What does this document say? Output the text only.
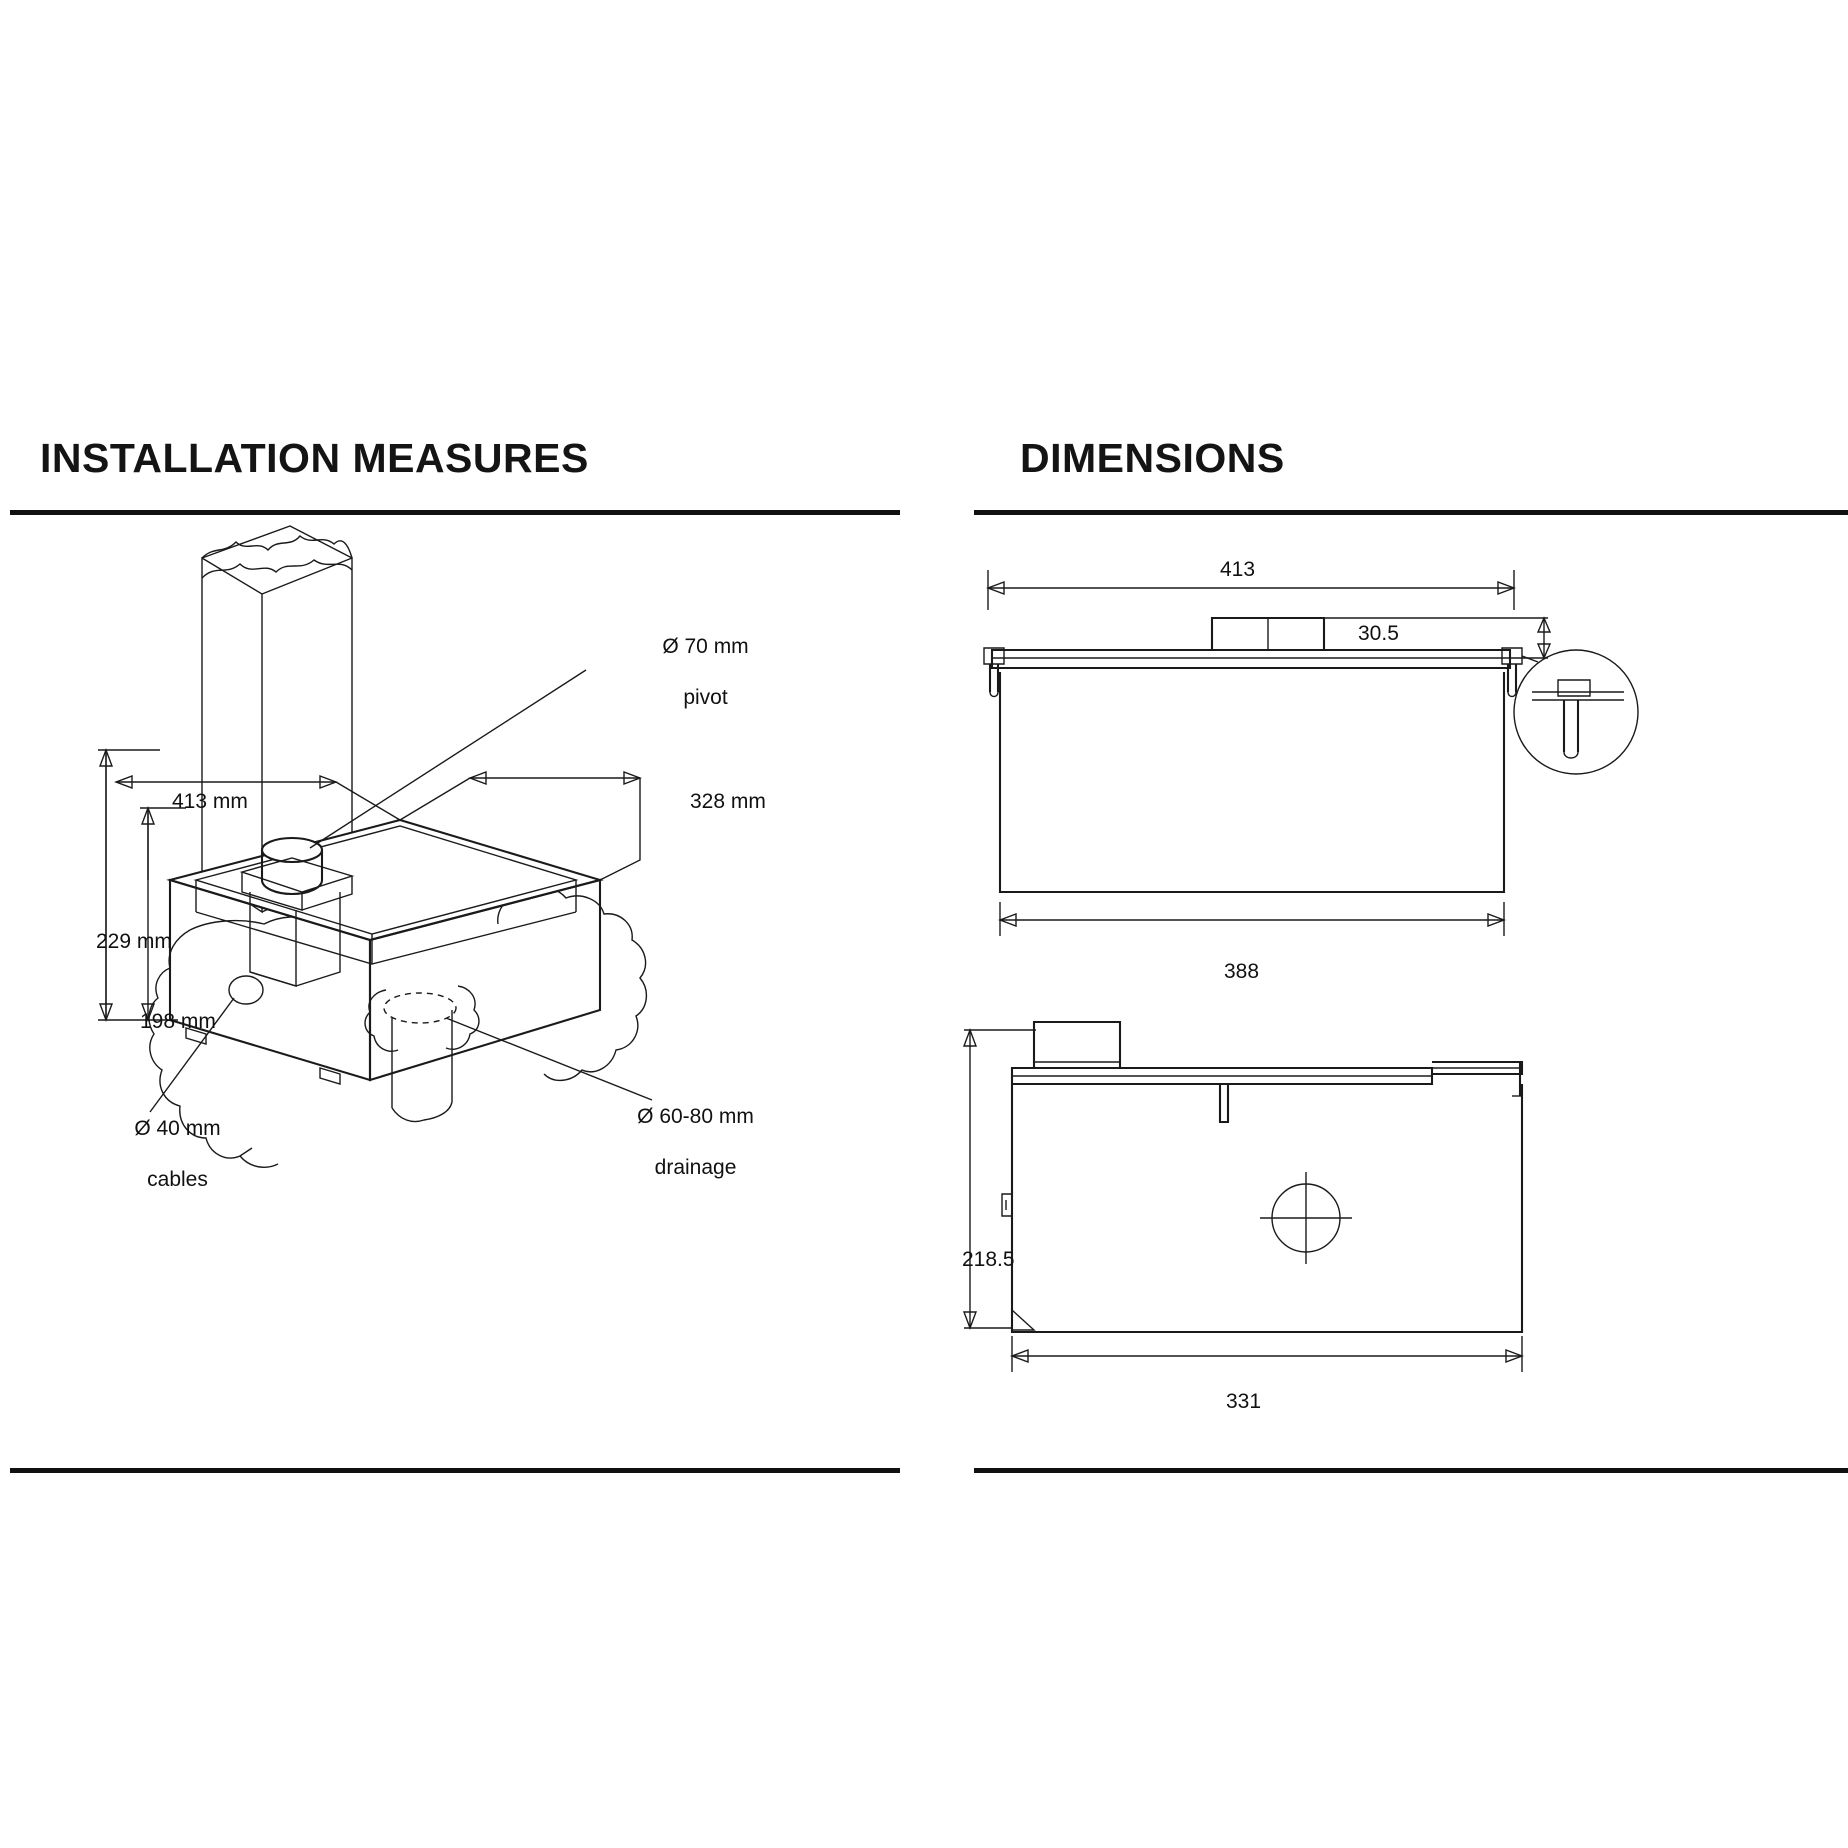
INSTALLATION MEASURES

Ø 70 mm

pivot

Ø 40 mm

cables

Ø 60-80 mm

drainage

413 mm	328 mm
229 mm
198 mm
DIMENSIONS
413
30.5
388
218.5
331
